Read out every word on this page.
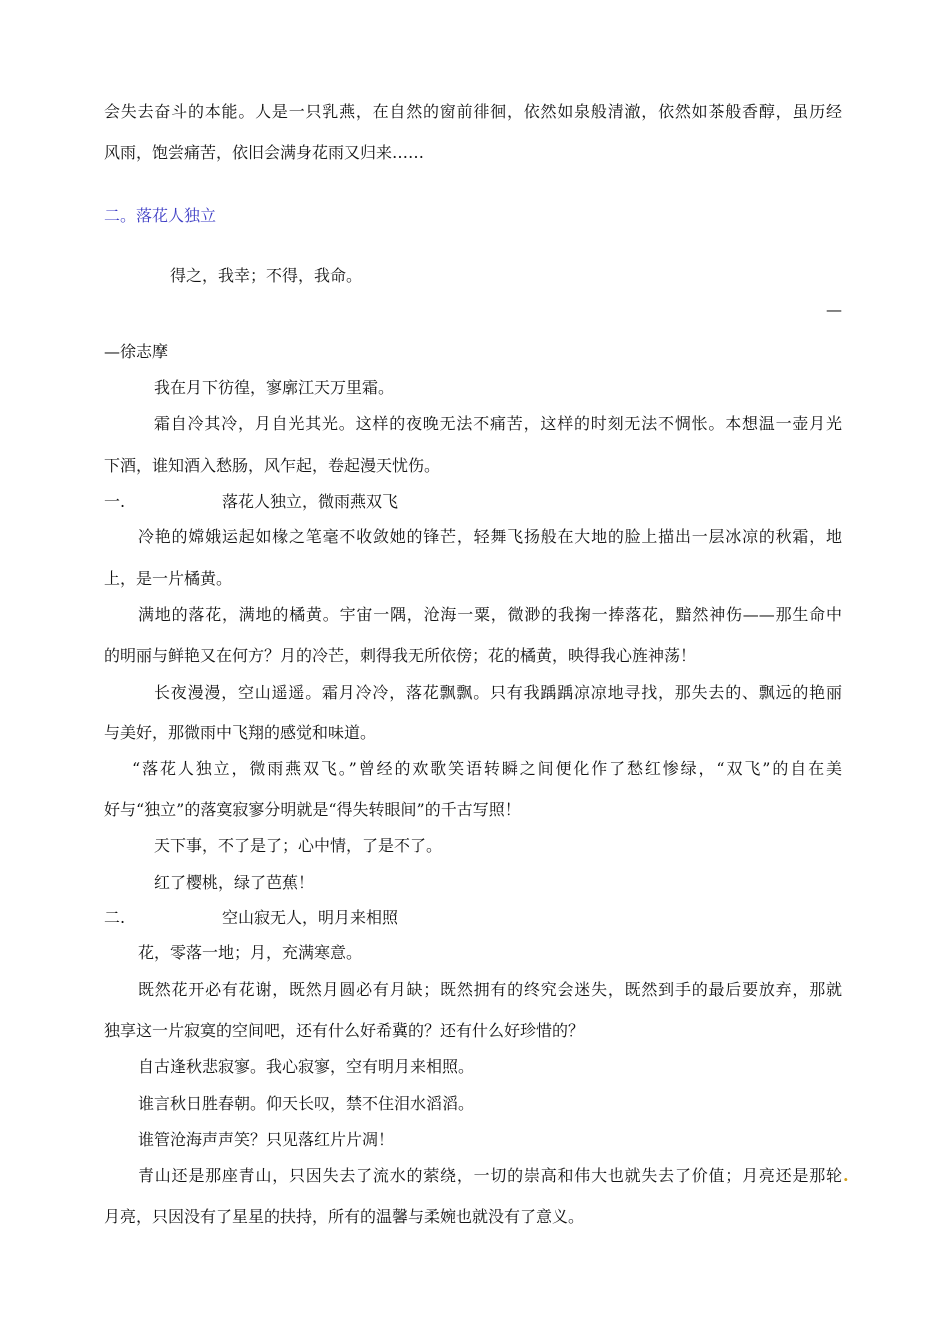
会失去奋斗的本能。人是一只乳燕，在自然的窗前徘徊，依然如泉般清澈，依然如茶般香醇，虽历经
风雨，饱尝痛苦，依旧会满身花雨又归来……
二。落花人独立
得之，我幸；不得，我命。
—
—徐志摩
我在月下彷徨，寥廓江天万里霜。
霜自冷其冷，月自光其光。这样的夜晚无法不痛苦，这样的时刻无法不惆怅。本想温一壶月光
下酒，谁知酒入愁肠，风乍起，卷起漫天忧伤。
一.	落花人独立，微雨燕双飞
冷艳的嫦娥运起如椽之笔毫不收敛她的锋芒，轻舞飞扬般在大地的脸上描出一层冰凉的秋霜，地
上，是一片橘黄。
满地的落花，满地的橘黄。宇宙一隅，沧海一粟，微渺的我掬一捧落花，黯然神伤——那生命中
的明丽与鲜艳又在何方？月的冷芒，刺得我无所依傍；花的橘黄，映得我心旌神荡！
长夜漫漫，空山遥遥。霜月冷冷，落花飘飘。只有我踽踽凉凉地寻找，那失去的、飘远的艳丽
与美好，那微雨中飞翔的感觉和味道。
“落花人独立，微雨燕双飞。”曾经的欢歌笑语转瞬之间便化作了愁红惨绿，“双飞”的自在美
好与“独立”的落寞寂寥分明就是“得失转眼间”的千古写照！
天下事，不了是了；心中情，了是不了。
红了樱桃，绿了芭蕉！
二.	空山寂无人，明月来相照
花，零落一地；月，充满寒意。
既然花开必有花谢，既然月圆必有月缺；既然拥有的终究会迷失，既然到手的最后要放弃，那就
独享这一片寂寞的空间吧，还有什么好希冀的？还有什么好珍惜的？
自古逢秋悲寂寥。我心寂寥，空有明月来相照。
谁言秋日胜春朝。仰天长叹，禁不住泪水滔滔。
谁管沧海声声笑？只见落红片片凋！
青山还是那座青山，只因失去了流水的萦绕，一切的崇高和伟大也就失去了价值；月亮还是那轮 .
月亮，只因没有了星星的扶持，所有的温馨与柔婉也就没有了意义。
